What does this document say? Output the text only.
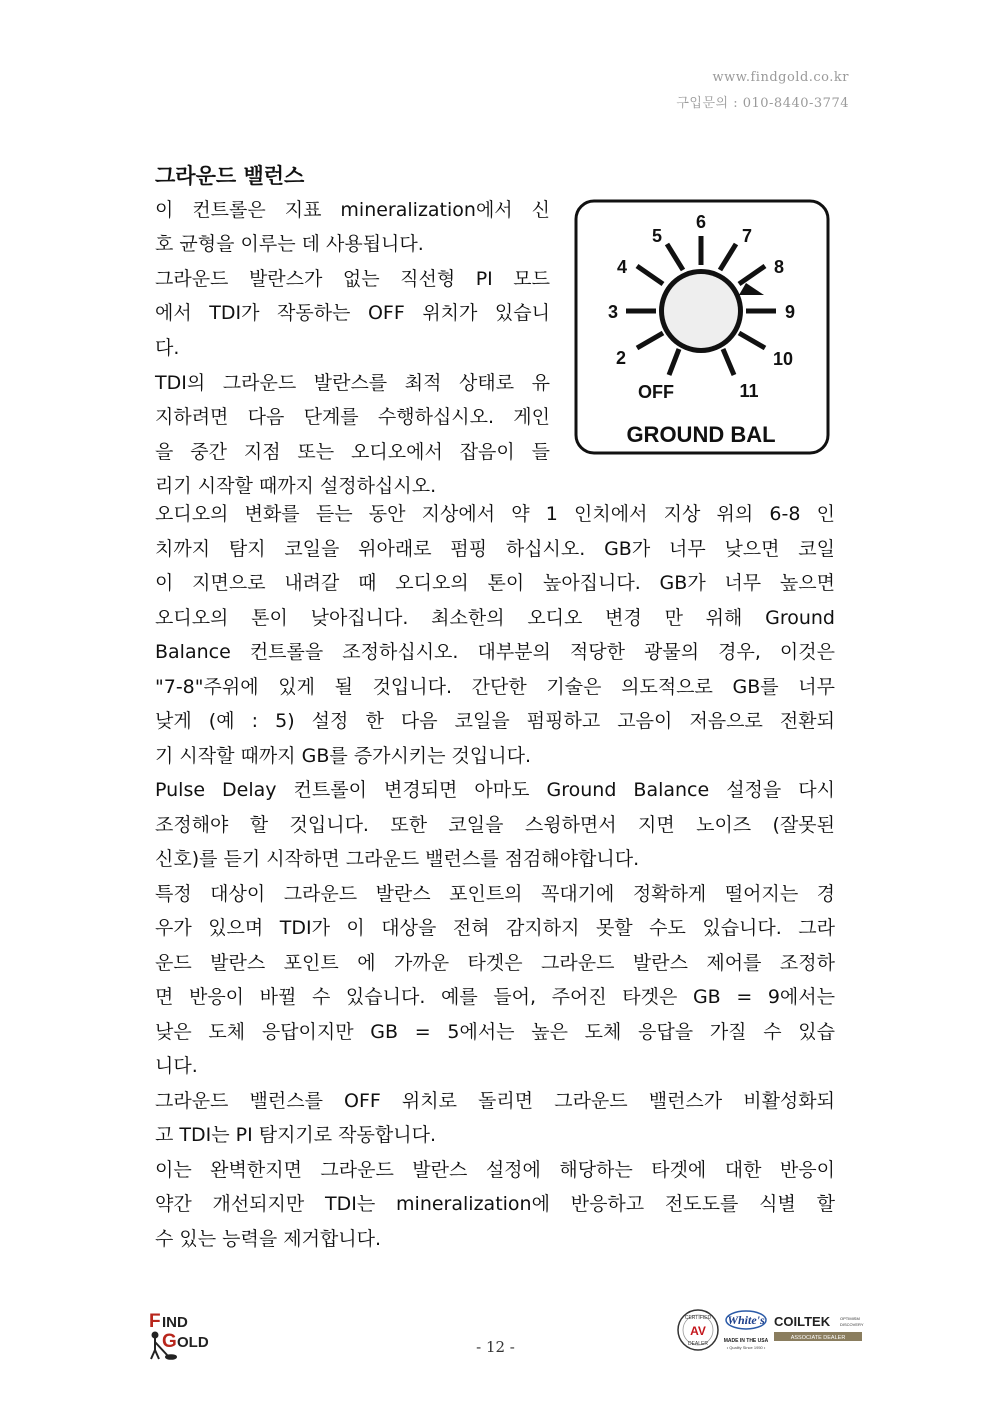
www.findgold.co.kr
구입문의 : 010-8440-3774
그라운드 밸런스
이 컨트롤은 지표 mineralization에서 신
호 균형을 이루는 데 사용됩니다.
그라운드 발란스가 없는 직선형 PI 모드
에서 TDI가 작동하는 OFF 위치가 있습니
다.
TDI의 그라운드 발란스를 최적 상태로 유
지하려면 다음 단계를 수행하십시오. 게인
을 중간 지점 또는 오디오에서 잡음이 들
리기 시작할 때까지 설정하십시오.
오디오의 변화를 듣는 동안 지상에서 약 1 인치에서 지상 위의 6-8 인
치까지 탐지 코일을 위아래로 펌핑 하십시오. GB가 너무 낮으면 코일
이 지면으로 내려갈 때 오디오의 톤이 높아집니다. GB가 너무 높으면
오디오의 톤이 낮아집니다. 최소한의 오디오 변경 만 위해 Ground
Balance 컨트롤을 조정하십시오. 대부분의 적당한 광물의 경우, 이것은
"7-8"주위에 있게 될 것입니다. 간단한 기술은 의도적으로 GB를 너무
낮게 (예 : 5) 설정 한 다음 코일을 펌핑하고 고음이 저음으로 전환되
기 시작할 때까지 GB를 증가시키는 것입니다.
Pulse Delay 컨트롤이 변경되면 아마도 Ground Balance 설정을 다시
조정해야 할 것입니다. 또한 코일을 스윙하면서 지면 노이즈 (잘못된
신호)를 듣기 시작하면 그라운드 밸런스를 점검해야합니다.
특정 대상이 그라운드 발란스 포인트의 꼭대기에 정확하게 떨어지는 경
우가 있으며 TDI가 이 대상을 전혀 감지하지 못할 수도 있습니다. 그라
운드 발란스 포인트 에 가까운 타겟은 그라운드 발란스 제어를 조정하
면 반응이 바뀔 수 있습니다. 예를 들어, 주어진 타겟은 GB = 9에서는
낮은 도체 응답이지만 GB = 5에서는 높은 도체 응답을 가질 수 있습
니다.
그라운드 밸런스를 OFF 위치로 돌리면 그라운드 밸런스가 비활성화되
고 TDI는 PI 탐지기로 작동합니다.
이는 완벽한지면 그라운드 발란스 설정에 해당하는 타겟에 대한 반응이
약간 개선되지만 TDI는 mineralization에 반응하고 전도도를 식별 할
수 있는 능력을 제거합니다.
OFF
2
3
4
5
6
7
8
9
10
11
GROUND BAL
F IND
G OLD	- 12 -
CERTIFIED
AV
DEALER
White's
MADE IN THE USA
• Quality Since 1950 •
COILTEK OPTIMISM
DISCOVERY
ASSOCIATE DEALER
